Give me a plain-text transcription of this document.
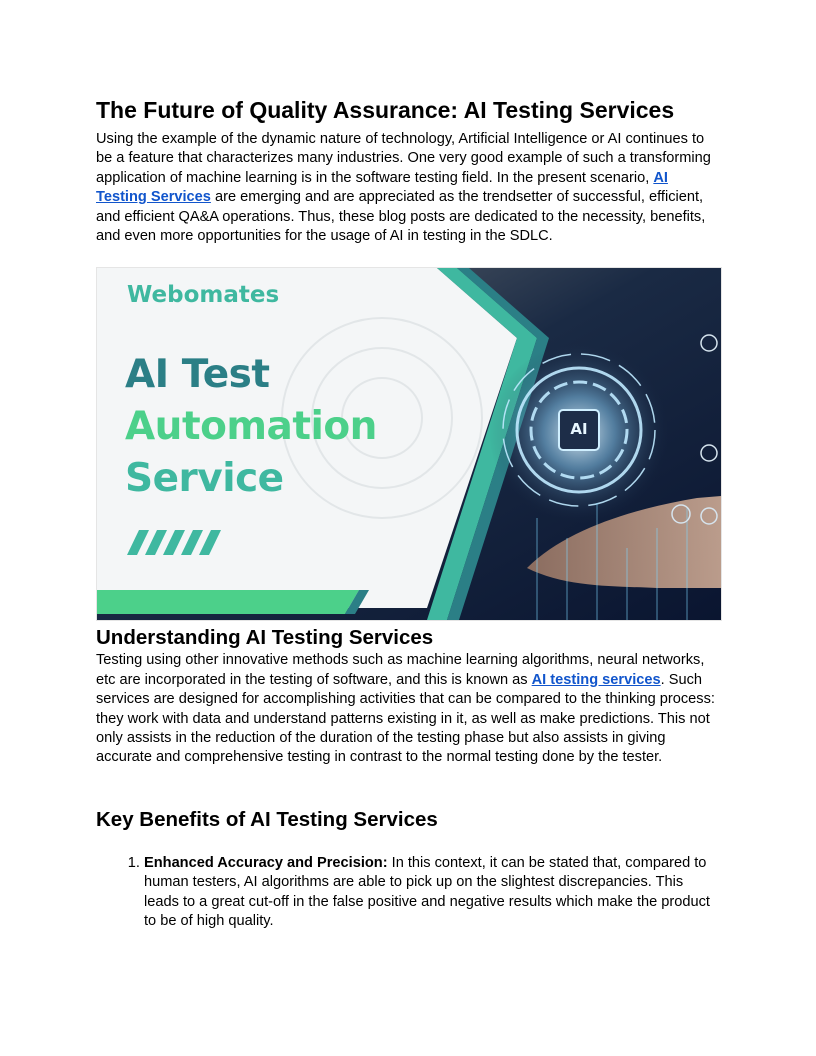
The Future of Quality Assurance: AI Testing Services

Using the example of the dynamic nature of technology, Artificial Intelligence or AI continues to be a feature that characterizes many industries. One very good example of such a transforming application of machine learning is in the software testing field. In the present scenario, AI Testing Services are emerging and are appreciated as the trendsetter of successful, efficient, and efficient QA&A operations. Thus, these blog posts are dedicated to the necessity, benefits, and even more opportunities for the usage of AI in testing in the SDLC.

Webomates
AI Test
Automation
Service
AI
Understanding AI Testing Services

Testing using other innovative methods such as machine learning algorithms, neural networks, etc are incorporated in the testing of software, and this is known as AI testing services. Such services are designed for accomplishing activities that can be compared to the thinking process: they work with data and understand patterns existing in it, as well as make predictions. This not only assists in the reduction of the duration of the testing phase but also assists in giving accurate and comprehensive testing in contrast to the normal testing done by the tester.

Key Benefits of AI Testing Services
1. Enhanced Accuracy and Precision: In this context, it can be stated that, compared to human testers, AI algorithms are able to pick up on the slightest discrepancies. This leads to a great cut-off in the false positive and negative results which make the product to be of high quality.
